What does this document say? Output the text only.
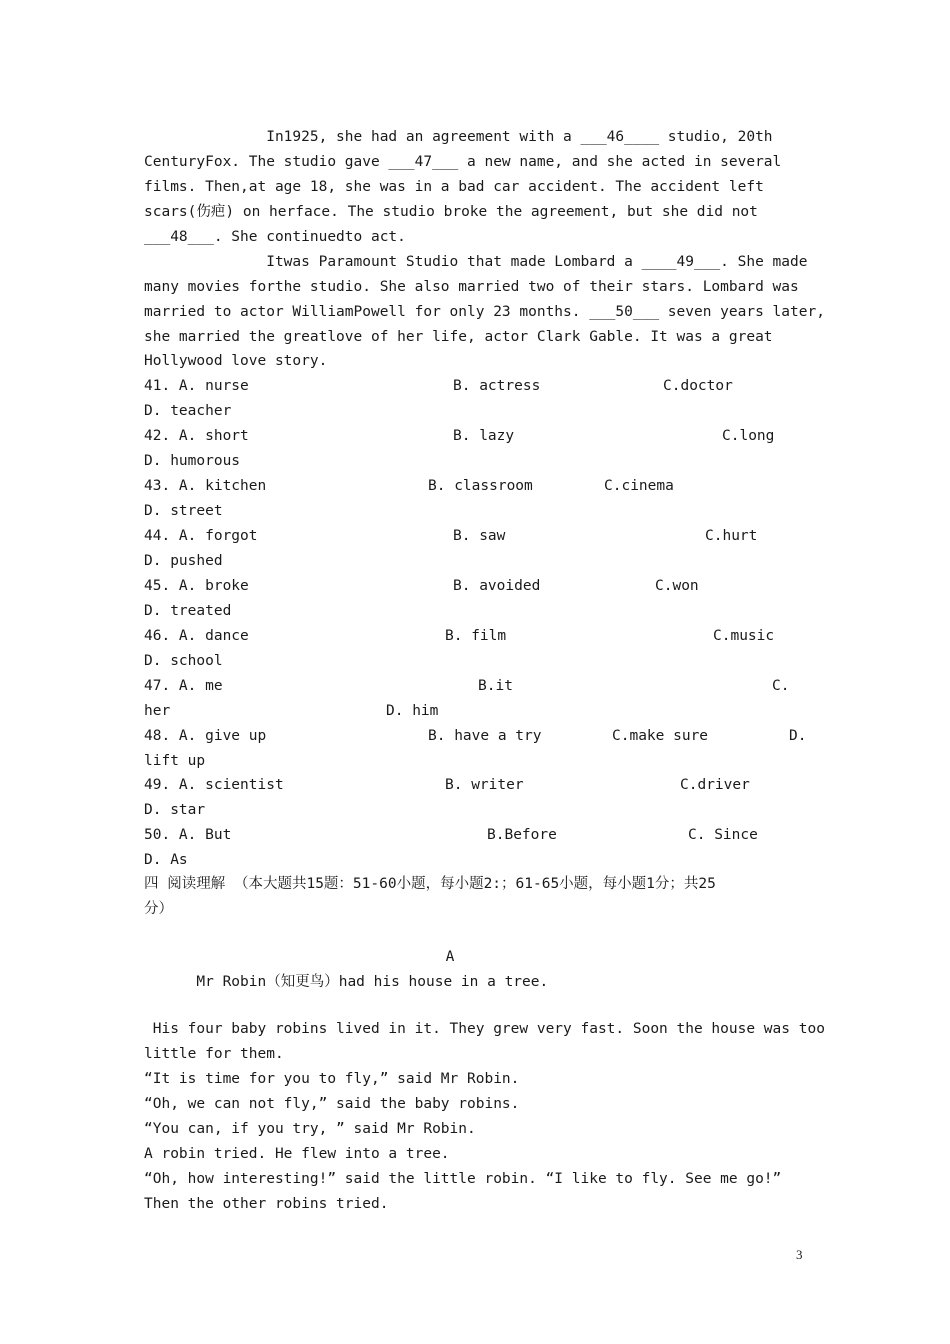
In1925, she had an agreement with a ___46____ studio, 20th
CenturyFox. The studio gave ___47___ a new name, and she acted in several
films. Then,at age 18, she was in a bad car accident. The accident left
scars(伤疤) on herface. The studio broke the agreement, but she did not
___48___. She continuedto act.
Itwas Paramount Studio that made Lombard a ____49___. She made
many movies forthe studio. She also married two of their stars. Lombard was
married to actor WilliamPowell for only 23 months. ___50___ seven years later,
she married the greatlove of her life, actor Clark Gable. It was a great
Hollywood love story.
41. A. nurse	B. actress	C.doctor
D. teacher
42. A. short	B. lazy	C.long
D. humorous
43. A. kitchen	B. classroom	C.cinema
D. street
44. A. forgot	B. saw	C.hurt
D. pushed
45. A. broke	B. avoided	C.won
D. treated
46. A. dance	B. film	C.music
D. school
47. A. me	B.it	C.
her	D. him
48. A. give up	B. have a try	C.make sure	D.
lift up
49. A. scientist	B. writer	C.driver
D. star
50. A. But	B.Before	C. Since
D. As
四 阅读理解 （本大题共15题：51-60小题，每小题2:；61-65小题，每小题1分；共25
分）
A
Mr Robin（知更鸟）had his house in a tree.
His four baby robins lived in it. They grew very fast. Soon the house was too
little for them.
“It is time for you to fly,” said Mr Robin.
“Oh, we can not fly,” said the baby robins.
“You can, if you try, ” said Mr Robin.
A robin tried. He flew into a tree.
“Oh, how interesting!” said the little robin. “I like to fly. See me go!”
Then the other robins tried.
3
